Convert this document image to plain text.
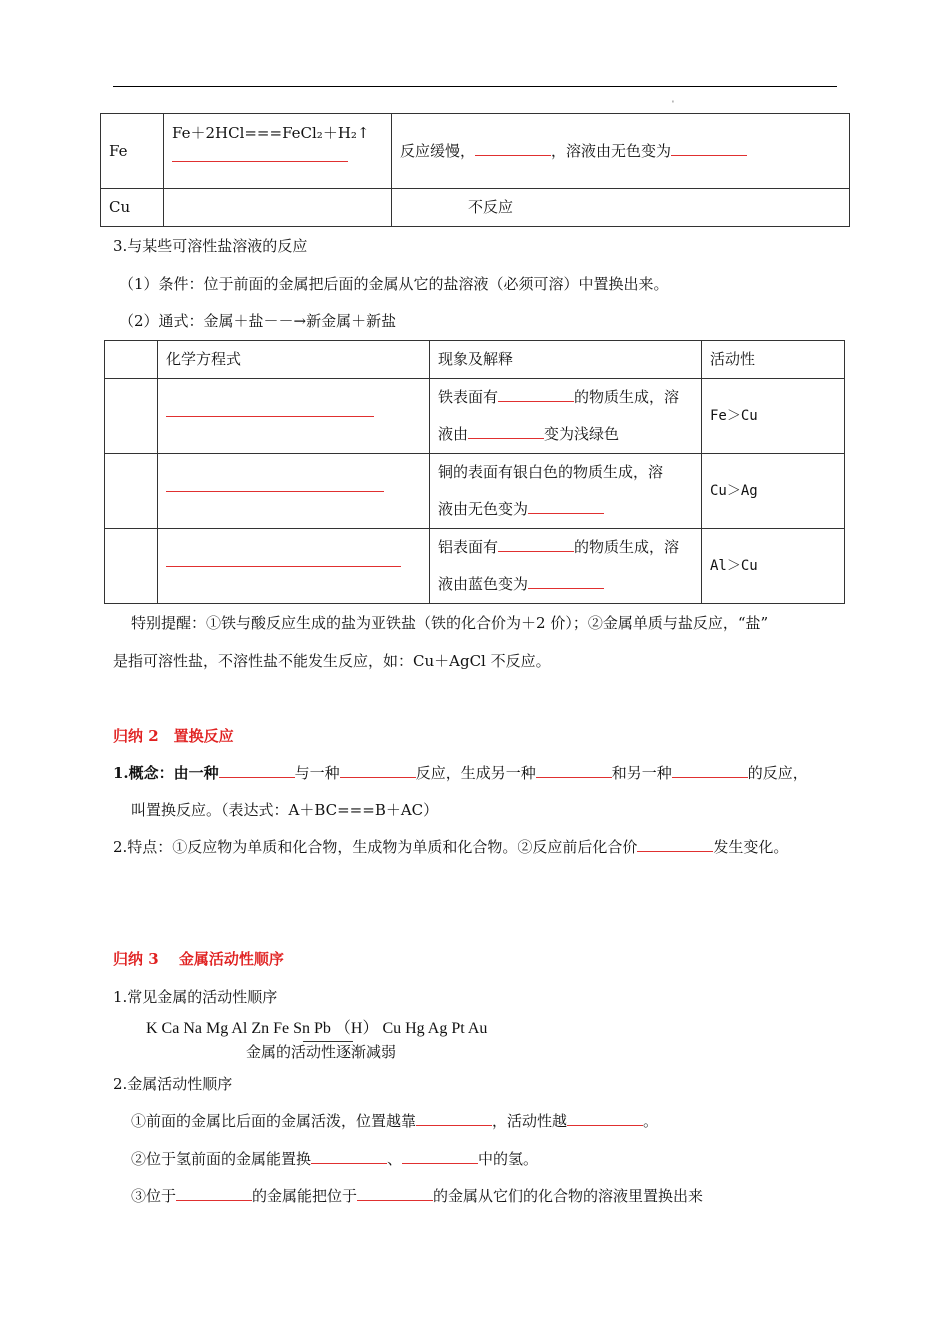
'
Fe	Fe＋2HCl===FeCl₂＋H₂↑	反应缓慢， ，溶液由无色变为
Cu		不反应
3.与某些可溶性盐溶液的反应
（1）条件：位于前面的金属把后面的金属从它的盐溶液（必须可溶）中置换出来。
（2）通式：金属＋盐－－→新金属＋新盐
	化学方程式	现象及解释	活动性

		铁表面有 的物质生成，溶
液由 变为浅绿色	Fe＞Cu

		铜的表面有银白色的物质生成，溶
液由无色变为	Cu＞Ag

		铝表面有 的物质生成，溶
液由蓝色变为	Al＞Cu
特别提醒：①铁与酸反应生成的盐为亚铁盐（铁的化合价为＋2 价）；②金属单质与盐反应，“盐”
是指可溶性盐，不溶性盐不能发生反应，如：Cu＋AgCl 不反应。
归纳 2　置换反应
1.概念：由一种	与一种	反应，生成另一种	和另一种	的反应，
叫置换反应。（表达式：A＋BC===B＋AC）
2.特点：①反应物为单质和化合物，生成物为单质和化合物。②反应前后化合价	发生变化。
归纳 3　 金属活动性顺序
1.常见金属的活动性顺序
K Ca Na Mg Al Zn Fe Sn Pb （H） Cu Hg Ag Pt Au
金属的活动性逐渐减弱
2.金属活动性顺序
①前面的金属比后面的金属活泼，位置越靠	，活动性越	。
②位于氢前面的金属能置换	、	中的氢。
③位于	的金属能把位于	的金属从它们的化合物的溶液里置换出来
